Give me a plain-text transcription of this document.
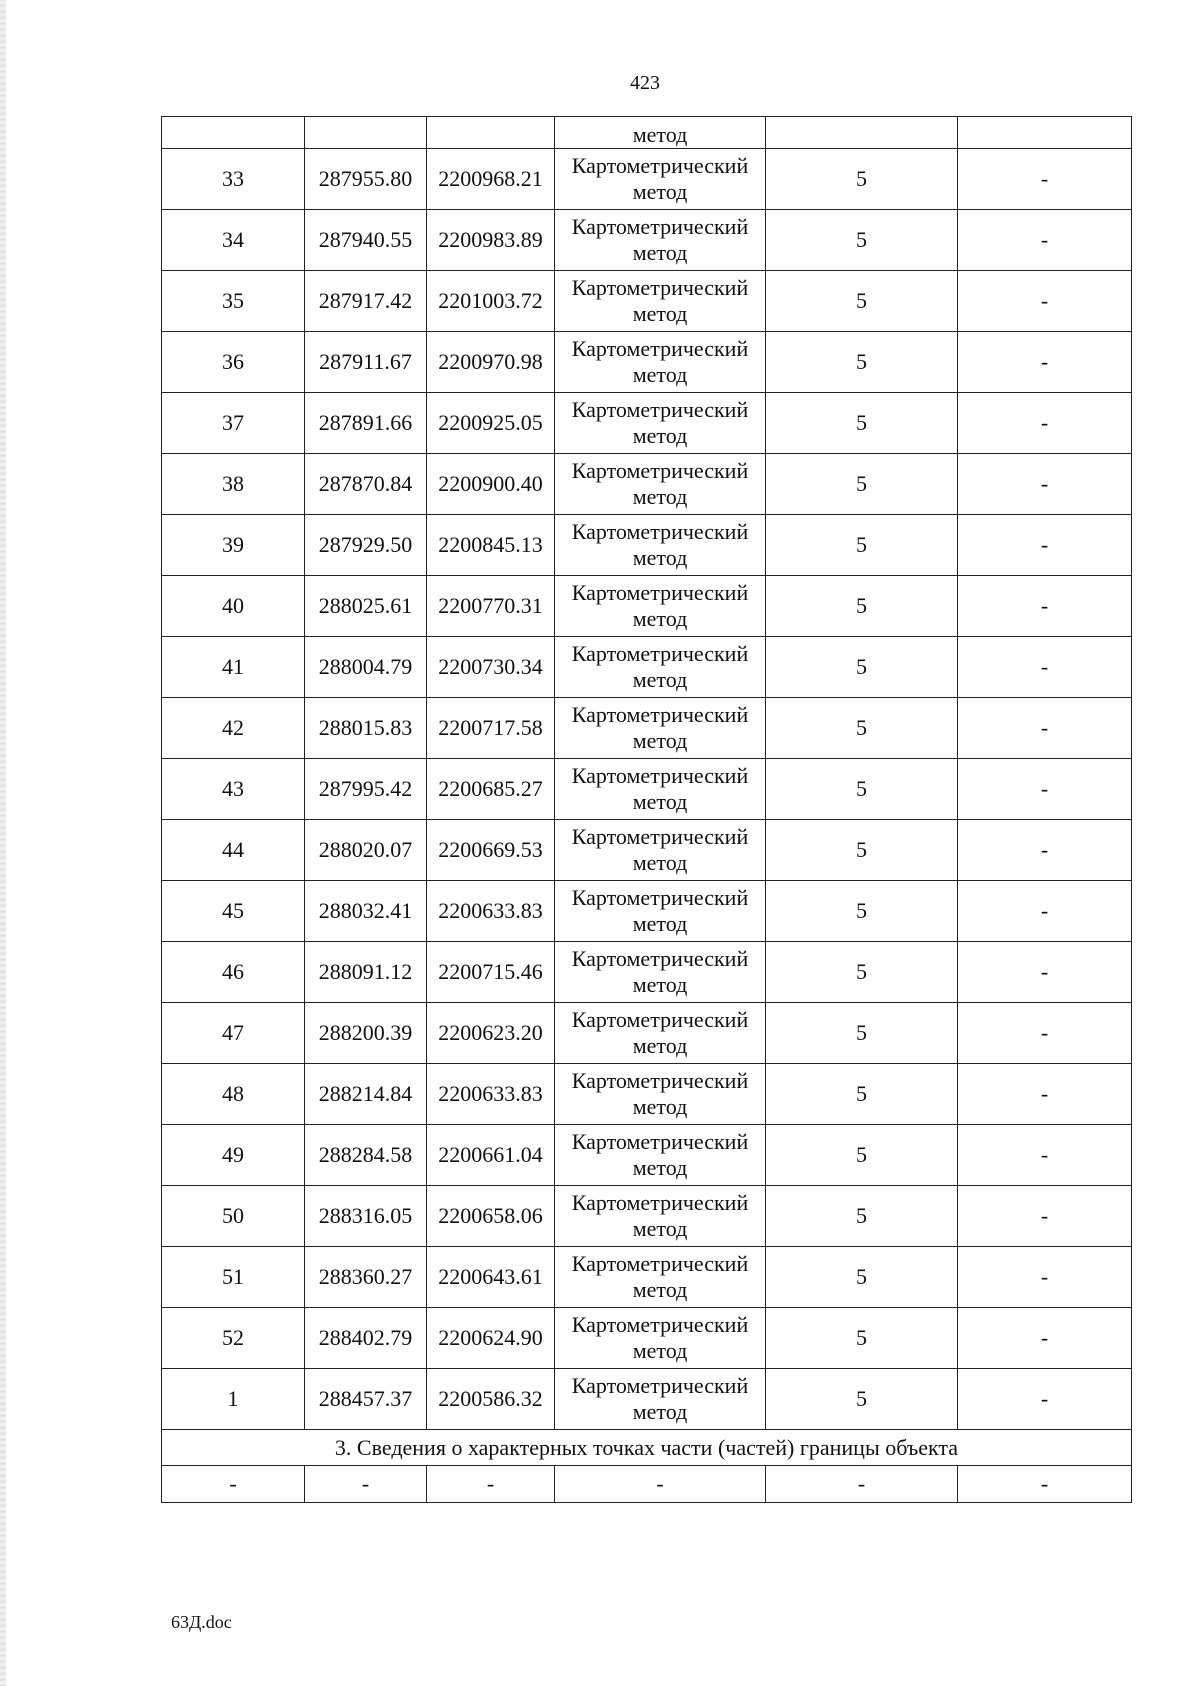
423
			метод		
33	287955.80	2200968.21	Картометрический
метод	5	-
34	287940.55	2200983.89	Картометрический
метод	5	-
35	287917.42	2201003.72	Картометрический
метод	5	-
36	287911.67	2200970.98	Картометрический
метод	5	-
37	287891.66	2200925.05	Картометрический
метод	5	-
38	287870.84	2200900.40	Картометрический
метод	5	-
39	287929.50	2200845.13	Картометрический
метод	5	-
40	288025.61	2200770.31	Картометрический
метод	5	-
41	288004.79	2200730.34	Картометрический
метод	5	-
42	288015.83	2200717.58	Картометрический
метод	5	-
43	287995.42	2200685.27	Картометрический
метод	5	-
44	288020.07	2200669.53	Картометрический
метод	5	-
45	288032.41	2200633.83	Картометрический
метод	5	-
46	288091.12	2200715.46	Картометрический
метод	5	-
47	288200.39	2200623.20	Картометрический
метод	5	-
48	288214.84	2200633.83	Картометрический
метод	5	-
49	288284.58	2200661.04	Картометрический
метод	5	-
50	288316.05	2200658.06	Картометрический
метод	5	-
51	288360.27	2200643.61	Картометрический
метод	5	-
52	288402.79	2200624.90	Картометрический
метод	5	-
1	288457.37	2200586.32	Картометрический
метод	5	-
3. Сведения о характерных точках части (частей) границы объекта					
-	-	-	-	-	-
63Д.doc
